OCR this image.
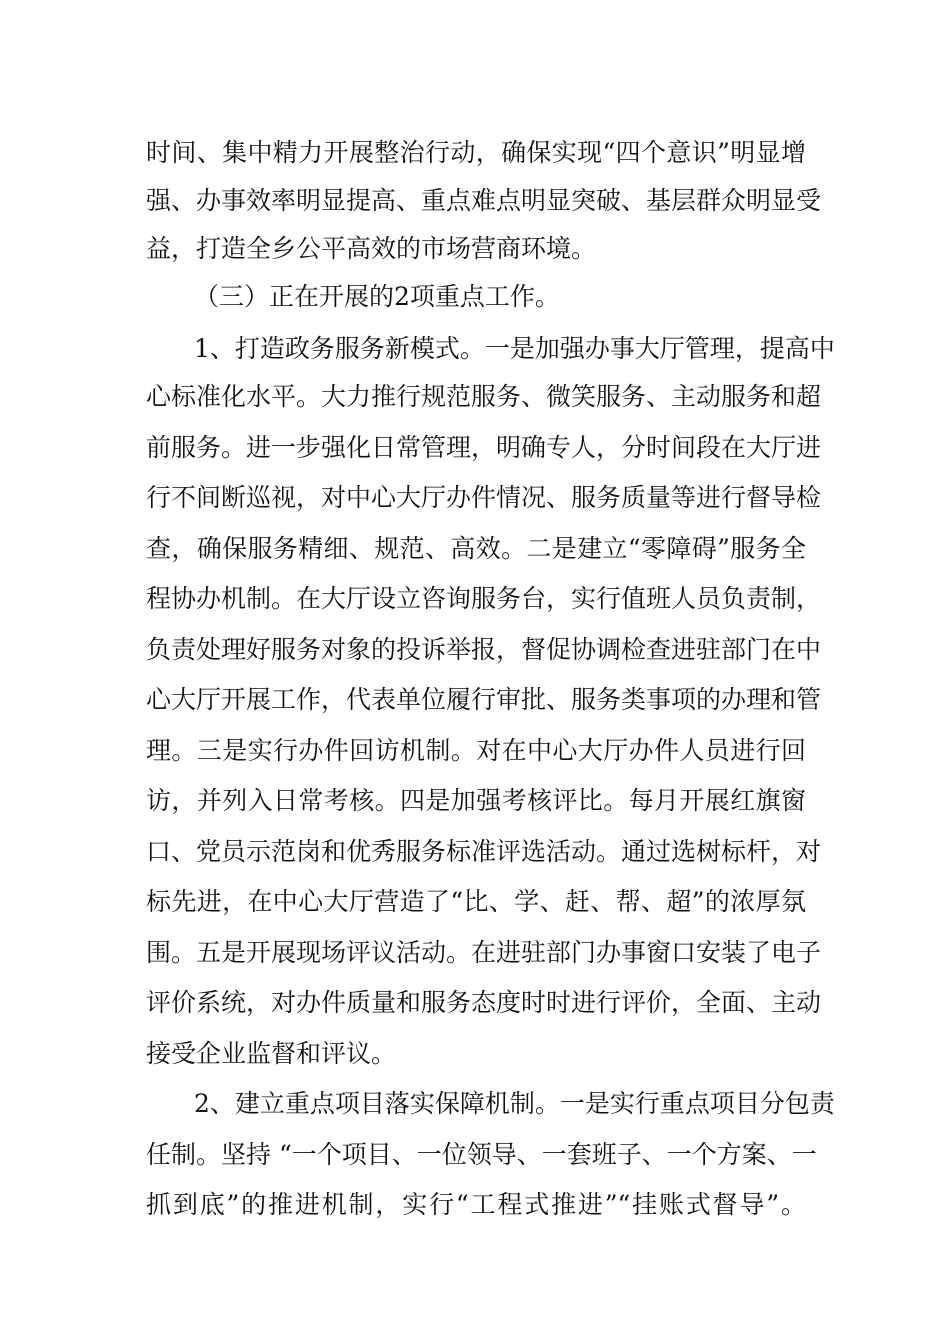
时间、集中精力开展整治行动，确保实现“四个意识”明显增
强、办事效率明显提高、重点难点明显突破、基层群众明显受
益，打造全乡公平高效的市场营商环境。
（三）正在开展的2项重点工作。
1、打造政务服务新模式。一是加强办事大厅管理，提高中
心标准化水平。大力推行规范服务、微笑服务、主动服务和超
前服务。进一步强化日常管理，明确专人，分时间段在大厅进
行不间断巡视，对中心大厅办件情况、服务质量等进行督导检
查，确保服务精细、规范、高效。二是建立“零障碍”服务全
程协办机制。在大厅设立咨询服务台，实行值班人员负责制，
负责处理好服务对象的投诉举报，督促协调检查进驻部门在中
心大厅开展工作，代表单位履行审批、服务类事项的办理和管
理。三是实行办件回访机制。对在中心大厅办件人员进行回
访，并列入日常考核。四是加强考核评比。每月开展红旗窗
口、党员示范岗和优秀服务标准评选活动。通过选树标杆，对
标先进，在中心大厅营造了“比、学、赶、帮、超”的浓厚氛
围。五是开展现场评议活动。在进驻部门办事窗口安装了电子
评价系统，对办件质量和服务态度时时进行评价，全面、主动
接受企业监督和评议。
2、建立重点项目落实保障机制。一是实行重点项目分包责
任制。坚持 “一个项目、一位领导、一套班子、一个方案、一
抓到底”的推进机制，实行“工程式推进”“挂账式督导”。
